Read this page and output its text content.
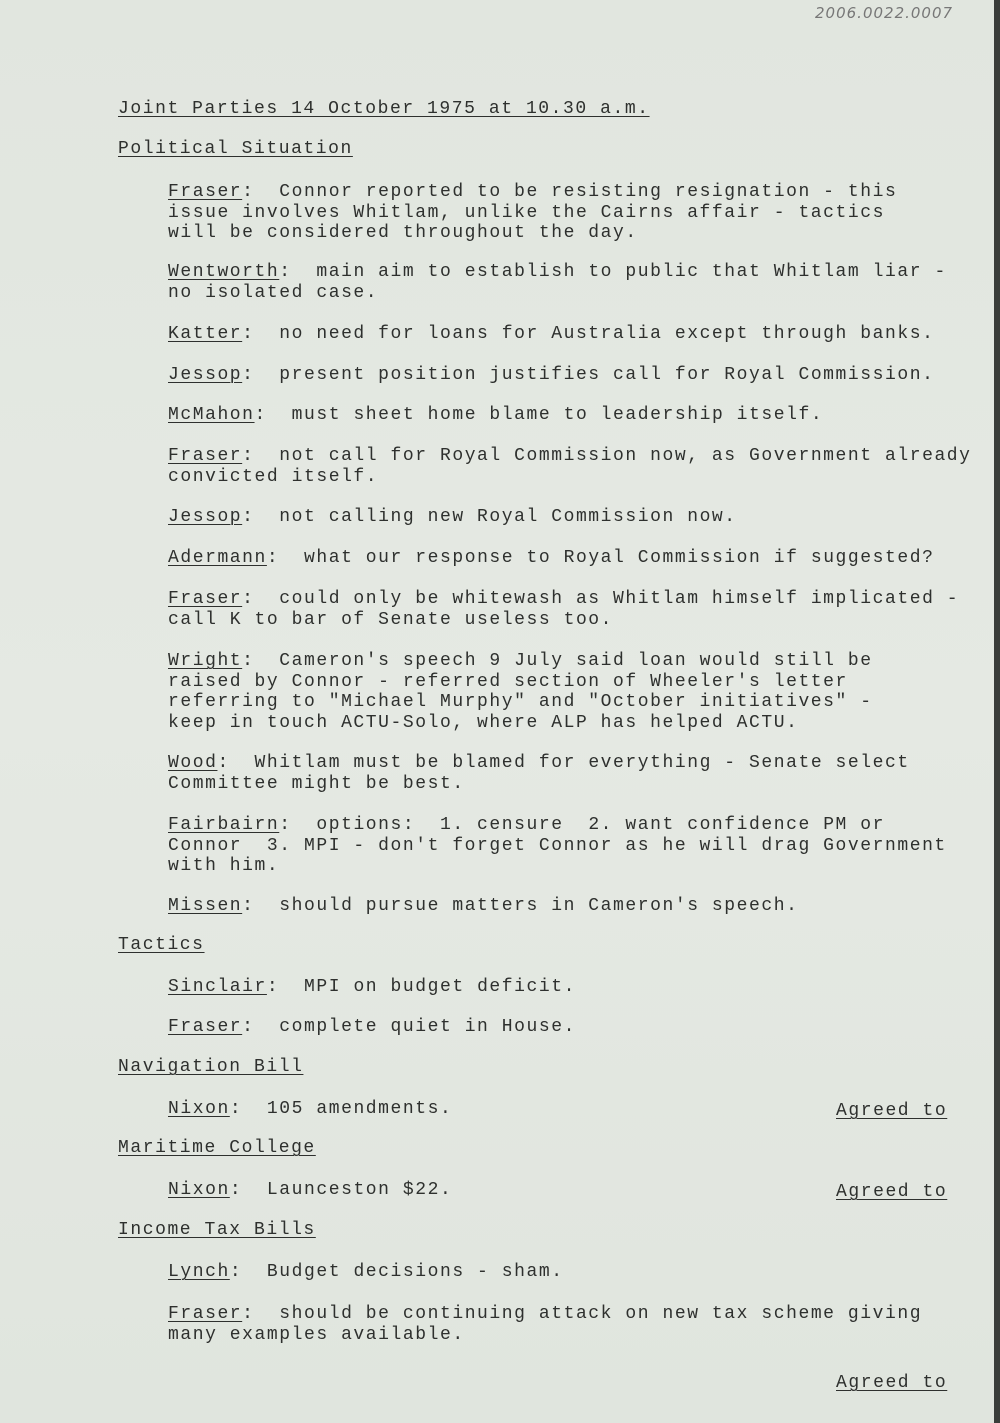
2006.0022.0007
Joint Parties 14 October 1975 at 10.30 a.m.
Political Situation
Fraser:  Connor reported to be resisting resignation - this
issue involves Whitlam, unlike the Cairns affair - tactics
will be considered throughout the day.
Wentworth:  main aim to establish to public that Whitlam liar -
no isolated case.
Katter:  no need for loans for Australia except through banks.
Jessop:  present position justifies call for Royal Commission.
McMahon:  must sheet home blame to leadership itself.
Fraser:  not call for Royal Commission now, as Government already
convicted itself.
Jessop:  not calling new Royal Commission now.
Adermann:  what our response to Royal Commission if suggested?
Fraser:  could only be whitewash as Whitlam himself implicated -
call K to bar of Senate useless too.
Wright:  Cameron's speech 9 July said loan would still be
raised by Connor - referred section of Wheeler's letter
referring to "Michael Murphy" and "October initiatives" -
keep in touch ACTU-Solo, where ALP has helped ACTU.
Wood:  Whitlam must be blamed for everything - Senate select
Committee might be best.
Fairbairn:  options:  1. censure  2. want confidence PM or
Connor  3. MPI - don't forget Connor as he will drag Government
with him.
Missen:  should pursue matters in Cameron's speech.
Tactics
Sinclair:  MPI on budget deficit.
Fraser:  complete quiet in House.
Navigation Bill
Nixon:  105 amendments.	Agreed to
Maritime College
Nixon:  Launceston $22.	Agreed to
Income Tax Bills
Lynch:  Budget decisions - sham.
Fraser:  should be continuing attack on new tax scheme giving
many examples available.
Agreed to
